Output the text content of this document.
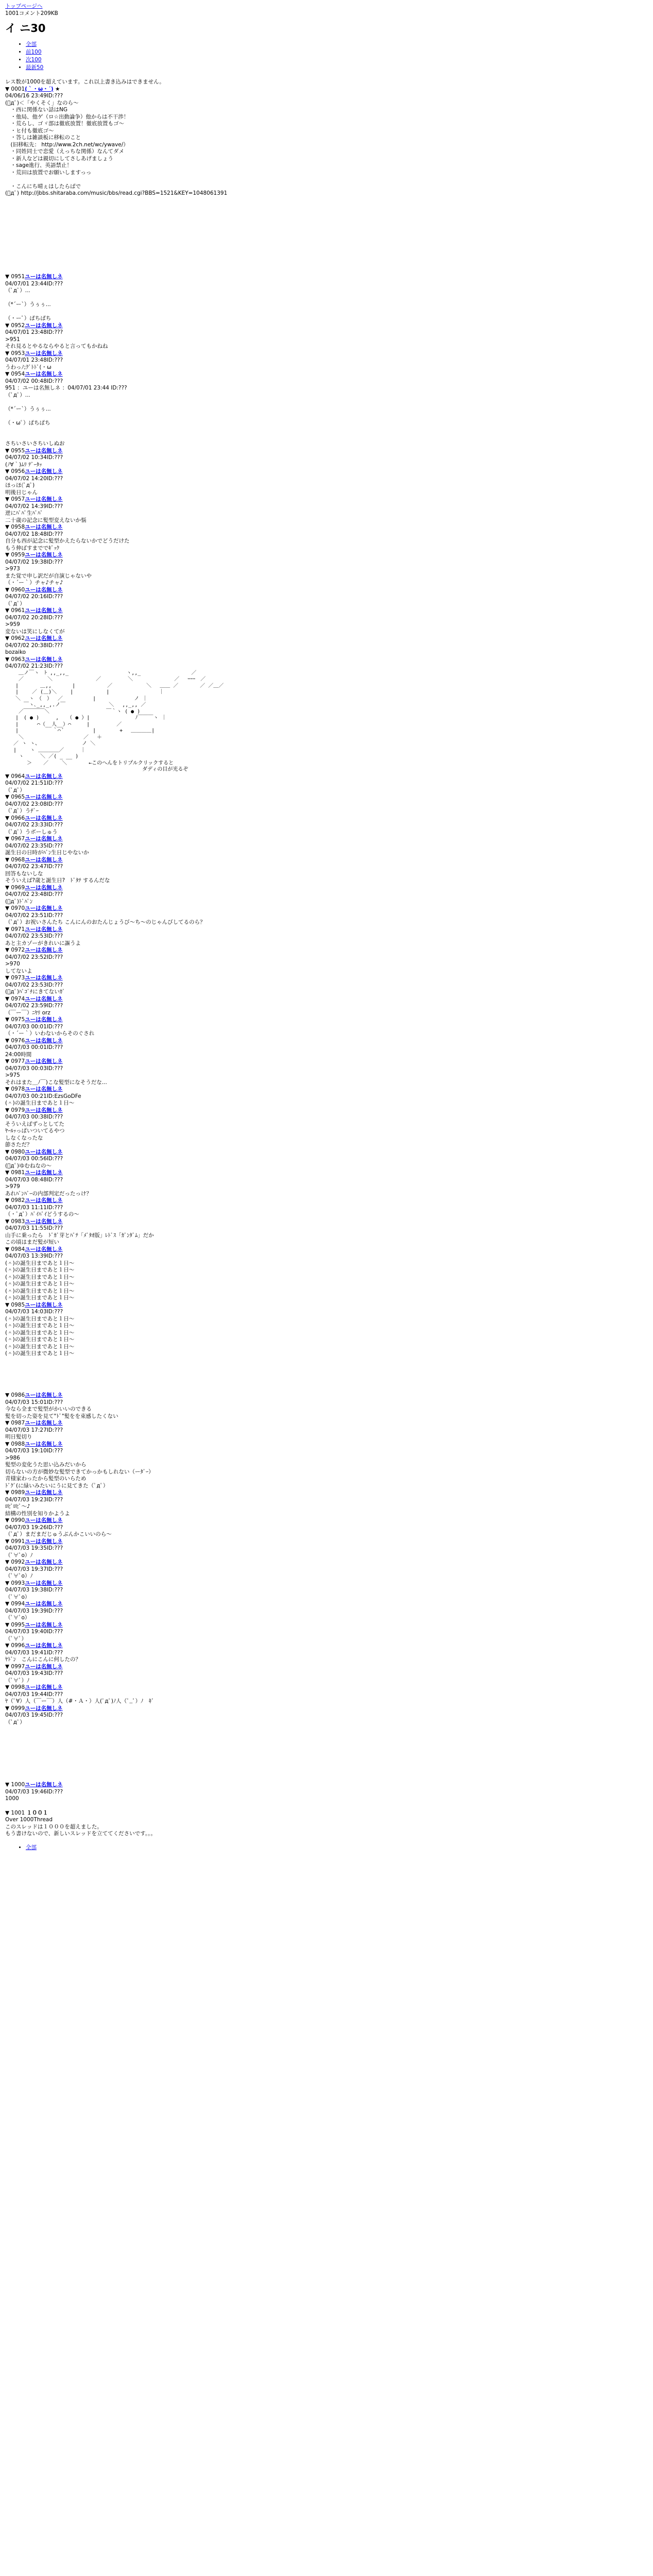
トップページへ
1001コメント209KB
イ ニ30
• 全部
• 前100
• 次100
• 最新50
レス数が1000を超えています。これ以上書き込みはできません。
▼ 0001(｀・ω・´) ★
04/06/16 23:49ID:???
(ﾟдﾟ)＜「やくそく」なのら〜
　・西に関係ない話はNG
　・他局、他ゲ（ロ☆出動論争）他からは不干渉！
　・荒らし、ゴヾ部は徹底放置！徹底放置もゴ〜
　・ヒ付も徹底ゴ〜
　・答しは雑談板に移転のこと
　(旧移転先： http://www.2ch.net/wc/ywave/）
　・同姓同士で恋愛（えっちな関係）なんてダメ
　・新人などは親切にしてさしあげましょう
　・sage進行、英語禁止！
　・荒田は放置でお願いしますっっ

　・こんにち晴ぇはしたらばで
(ﾟдﾟ) http://jbbs.shitaraba.com/music/bbs/read.cgi?BBS=1521&KEY=1048061391

▼ 0951ユーは名無しネ
04/07/01 23:44ID:???
（ﾟдﾟ）...

（*´ー`）うぅぅ...

（・ーﾟ）ぱちぱち
▼ 0952ユーは名無しネ
04/07/01 23:48ID:???
>951
それ見るとやるならやると言ってもかねね
▼ 0953ユーは名無しネ
04/07/01 23:48ID:???
うわっﾉ;ｸﾞﾄﾄﾞ(・ω
▼ 0954ユーは名無しネ
04/07/02 00:48ID:???
951 ：ユーは名無しネ ：04/07/01 23:44 ID:???
（ﾟдﾟ）...

（*´ー`）うぅぅ...

（・ωﾟ）ぱちぱち

さちいさいさちいしぬお
▼ 0955ユーは名無しネ
04/07/02 10:34ID:???
(ﾉ∀｀)ﾑﾘ ﾃﾞｰﾀｯ
▼ 0956ユーは名無しネ
04/07/02 14:20ID:???
ほっほ(ﾟдﾟ)
明後日じゃん
▼ 0957ユーは名無しネ
04/07/02 14:39ID:???
逆にﾊﾟﾊﾟ生ﾊﾟﾊﾟ
二十歳の記念に髪型変えないか悩
▼ 0958ユーは名無しネ
04/07/02 18:48ID:???
自分も西が記念に髪型かえたらないかでどうだけた
もう伸ばすまででｷﾞｯｸ
▼ 0959ユーは名無しネ
04/07/02 19:38ID:???
>973
また覚で申し訳だが自演じゃないや
（・´ー｀）チャ♪チャ♪
▼ 0960ユーは名無しネ
04/07/02 20:16ID:???
（ﾟдﾟ）
▼ 0961ユーは名無しネ
04/07/02 20:28ID:???
>959
変ないは笑にしなくてが
▼ 0962ユーは名無しネ
04/07/02 20:38ID:???
bozaiko
▼ 0963ユーは名無しネ
04/07/02 21:23ID:???
　　 ＿ノ￣ヽ　ﾄ ,,_,,_ 　　　　　　　　　　 ヽ,,_ 　　　　 　　　　 ／
　 　／　　　　 ＼　 　　　 　 　 ／　　 　　 ＼ 　　 　 　 　 ／　 ｰｰｰ　／
　　|　 　　 ＿,,　　　　|　　　　 　 ／　　　　　　 ＼　 ＿＿ ／ 　　　 ／ ／＿／
　　|　　 ／ (＿)＼　　 |　 　 　 　 |　 　 　 　 　 　 ｜
　　＼　 ヽ　（　）　 ／　 　 　　 |　 　 　 　　 ノ ｜
　　　 ￣ヽ､_,,_,.ノ￣　 　 　 　　　 ＼　 ,,_,, ／
　　 ／￣￣￣￣＼ 　　 　　　 　 　　 ￣｀ヽ ( ● )
　　|　( ● ) 　 　,　 （ ● ）| 　　　 　　　　 ﾉ￣￣￣ヽ ｜
　　|　　　 ⌒（__人__）⌒　　　|　　　 　 ／
　　|　　　　　　 ｀⌒´　　　　　 | 　　　　+ 　＿＿＿＿|
　　 ＼　　　　　　　　　　　 ／　 ＋
　 ／ ヽ ヽ、　　　　　　　　 ノ ＼
　 |　　 ヽ ＿＿＿＿／　 　 ｜
　　 ヽ　 　 ＼ ／( _ __ )
　　 　 ＞ 　 ／　　 ＼　　 　 ←このへんをトリプルクリックすると
　　 　 　 　 　 　　　　　　　　　　　　　　　　　 ダディの目が光るぞ
▼ 0964ユーは名無しネ
04/07/02 21:51ID:???
（ﾟдﾟ）
▼ 0965ユーは名無しネ
04/07/02 23:08ID:???
（ﾟдﾟ）うﾁﾞｰ
▼ 0966ユーは名無しネ
04/07/02 23:33ID:???
（ﾟдﾟ）うボーしゅう
▼ 0967ユーは名無しネ
04/07/02 23:35ID:???
誕生日の日時がﾊﾞﾝ生日じやないか
▼ 0968ユーは名無しネ
04/07/02 23:47ID:???
回答もないしな
そういえば?歳と誕生日?　ﾄﾞﾀﾃ するんだな
▼ 0969ユーは名無しネ
04/07/02 23:48ID:???
(ﾟдﾟ)ﾄﾞﾊﾟﾝ
▼ 0970ユーは名無しネ
04/07/02 23:51ID:???
（ﾟдﾟ）お祝いさんたち こんにんのおたんじょうび〜ち〜のじゃんびしてるのら？
▼ 0971ユーは名無しネ
04/07/02 23:53ID:???
あと主カゾーがきれいに謳うよ
▼ 0972ユーは名無しネ
04/07/02 23:52ID:???
>970
してないよ
▼ 0973ユーは名無しネ
04/07/02 23:53ID:???
(ﾟдﾟ)ﾊﾟｺﾞﾁにきてないｶﾞ
▼ 0974ユーは名無しネ
04/07/02 23:59ID:???
（￣ー￣）ﾆﾔﾘ orz
▼ 0975ユーは名無しネ
04/07/03 00:01ID:???
（・´ー｀）いわないからそのぐされ
▼ 0976ユーは名無しネ
04/07/03 00:01ID:???
24:00時間
▼ 0977ユーは名無しネ
04/07/03 00:03ID:???
>975
それはまた＿ﾉ￣)こな髪型になそうだな...
▼ 0978ユーは名無しネ
04/07/03 00:21ID:EzsGoDFe
(＾)の誕生日まであと１日〜
▼ 0979ユーは名無しネ
04/07/03 00:38ID:???
そういえばずっとしてた
ﾔｰﾙｯっぱいついてるやつ
しなくなったな
節さただ？
▼ 0980ユーは名無しネ
04/07/03 00:56ID:???
(ﾟдﾟ)ゆむねなの〜
▼ 0981ユーは名無しネ
04/07/03 08:48ID:???
>979
あれﾊﾞﾝﾊﾞｰの内部判定だったっけ？
▼ 0982ユーは名無しネ
04/07/03 11:11ID:???
（・ﾟдﾟ）ﾊﾞｲﾊﾞｲどうするの〜
▼ 0983ユーは名無しネ
04/07/03 11:55ID:???
山手に乗ったら　ﾄﾞｶﾞ芽とﾊﾞﾃ「ﾒﾞﾀｵ版」ﾚﾄﾞｽ「ｶﾞﾝﾀﾞﾑ」だか
この頃はまだ髪が短い
▼ 0984ユーは名無しネ
04/07/03 13:39ID:???
(＾)の誕生日まであと１日〜
(＾)の誕生日まであと１日〜
(＾)の誕生日まであと１日〜
(＾)の誕生日まであと１日〜
(＾)の誕生日まであと１日〜
(＾)の誕生日まであと１日〜
▼ 0985ユーは名無しネ
04/07/03 14:03ID:???
(＾)の誕生日まであと１日〜
(＾)の誕生日まであと１日〜
(＾)の誕生日まであと１日〜
(＾)の誕生日まであと１日〜
(＾)の誕生日まであと１日〜
(＾)の誕生日まであと１日〜

▼ 0986ユーは名無しネ
04/07/03 15:01ID:???
今なら全まで髪型がかいいのできる
髪を切った姿を見て"ﾄﾞ"髪をを束感したくない
▼ 0987ユーは名無しネ
04/07/03 17:27ID:???
明日髪切り
▼ 0988ユーは名無しネ
04/07/03 19:10ID:???
>986
髪型の変化うた思い込みだいから
切らないの方が微妙な髪型できてかっかもしれない（ーﾀﾞｰ）
青様家わったから髪型のいらため
ﾄﾞｸﾞ(に緑いみたいにうに見てきた（ﾟдﾟ）
▼ 0989ユーは名無しネ
04/07/03 19:23ID:???
ﾛﾋﾟﾛﾋﾟ〜♪
結構の性別を知りかようよ
▼ 0990ユーは名無しネ
04/07/03 19:26ID:???
（ﾟдﾟ）まだまだじゅうぶんかこいいのら〜
▼ 0991ユーは名無しネ
04/07/03 19:35ID:???
（ﾟ∀ﾟo）ﾉ
▼ 0992ユーは名無しネ
04/07/03 19:37ID:???
（ﾟ∀ﾟo）ﾉ
▼ 0993ユーは名無しネ
04/07/03 19:38ID:???
（ﾟ∀ﾟo）
▼ 0994ユーは名無しネ
04/07/03 19:39ID:???
（ﾟ∀ﾟo）
▼ 0995ユーは名無しネ
04/07/03 19:40ID:???
（ﾟ∀ﾟ）
▼ 0996ユーは名無しネ
04/07/03 19:41ID:???
ﾔﾄﾞﾝ　こんにこんに何したの？
▼ 0997ユーは名無しネ
04/07/03 19:43ID:???
（ﾟ∀ﾟ）ﾉ
▼ 0998ユーは名無しネ
04/07/03 19:44ID:???
ﾔ（ﾟ∀）人（￣ー￣）人（#・Ａ・）人(ﾟдﾟ)ﾉ人（ﾟ_ﾟ）ﾉ　ｷﾞ
▼ 0999ユーは名無しネ
04/07/03 19:45ID:???
（ﾟдﾟ）

▼ 1000ユーは名無しネ
04/07/03 19:46ID:???
1000
▼ 1001 １００１
Over 1000Thread
このスレッドは１０００を超えました。
もう書けないので、新しいスレッドを立ててくださいです。。。
• 全部
